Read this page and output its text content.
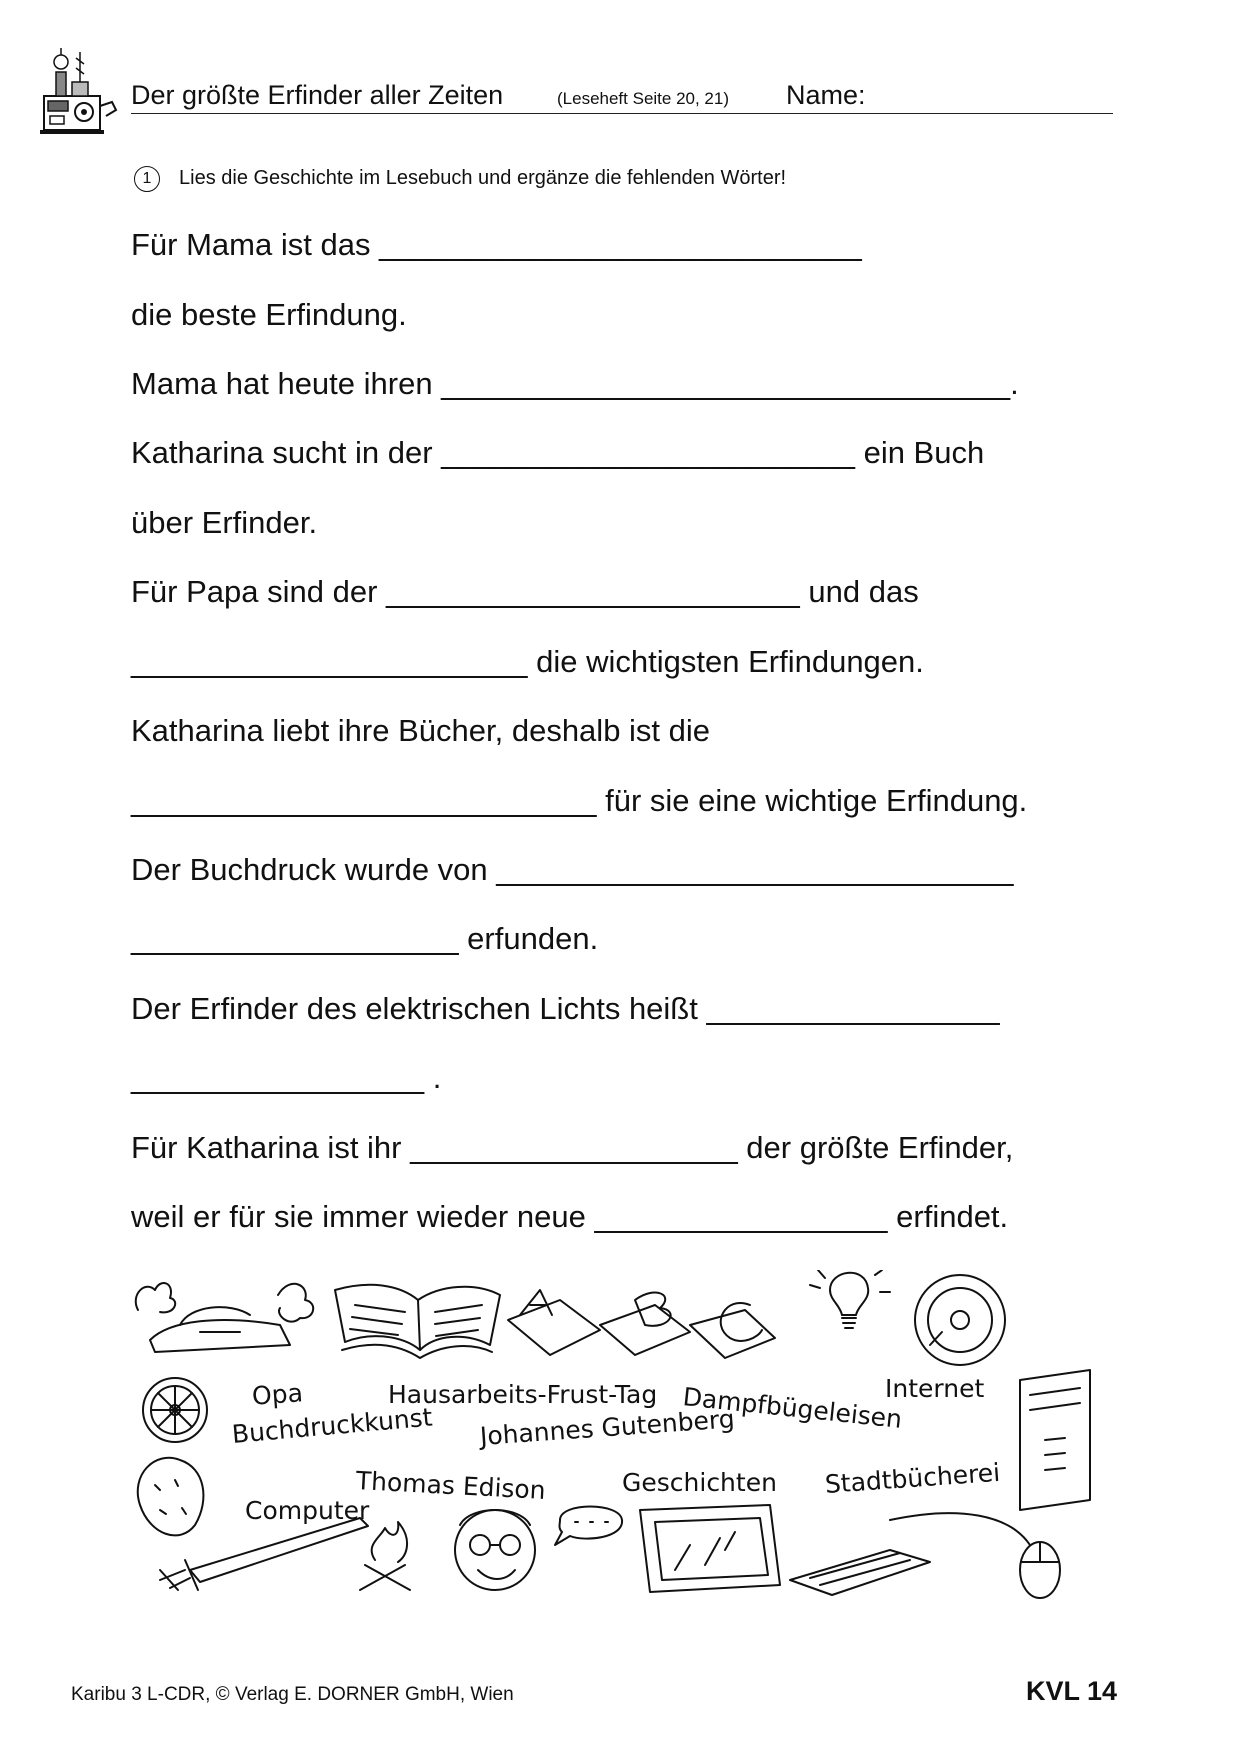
Der größte Erfinder aller Zeiten	(Leseheft Seite 20, 21) Name:
1	Lies die Geschichte im Lesebuch und ergänze die fehlenden Wörter!
Für Mama ist das ____________________________
die beste Erfindung.
Mama hat heute ihren _________________________________.
Katharina sucht in der ________________________ ein Buch
über Erfinder.
Für Papa sind der ________________________ und das
_______________________ die wichtigsten Erfindungen.
Katharina liebt ihre Bücher, deshalb ist die
___________________________ für sie eine wichtige Erfindung.
Der Buchdruck wurde von ______________________________
___________________ erfunden.
Der Erfinder des elektrischen Lichts heißt _________________
_________________ .
Für Katharina ist ihr ___________________ der größte Erfinder,
weil er für sie immer wieder neue _________________ erfindet.
Opa	Hausarbeits-Frust-Tag Dampfbügeleisen
Internet
Buchdruckkunst Johannes Gutenberg
Thomas Edison	Geschichten Stadtbücherei
Computer
Karibu 3 L-CDR, © Verlag E. DORNER GmbH, Wien	KVL 14
